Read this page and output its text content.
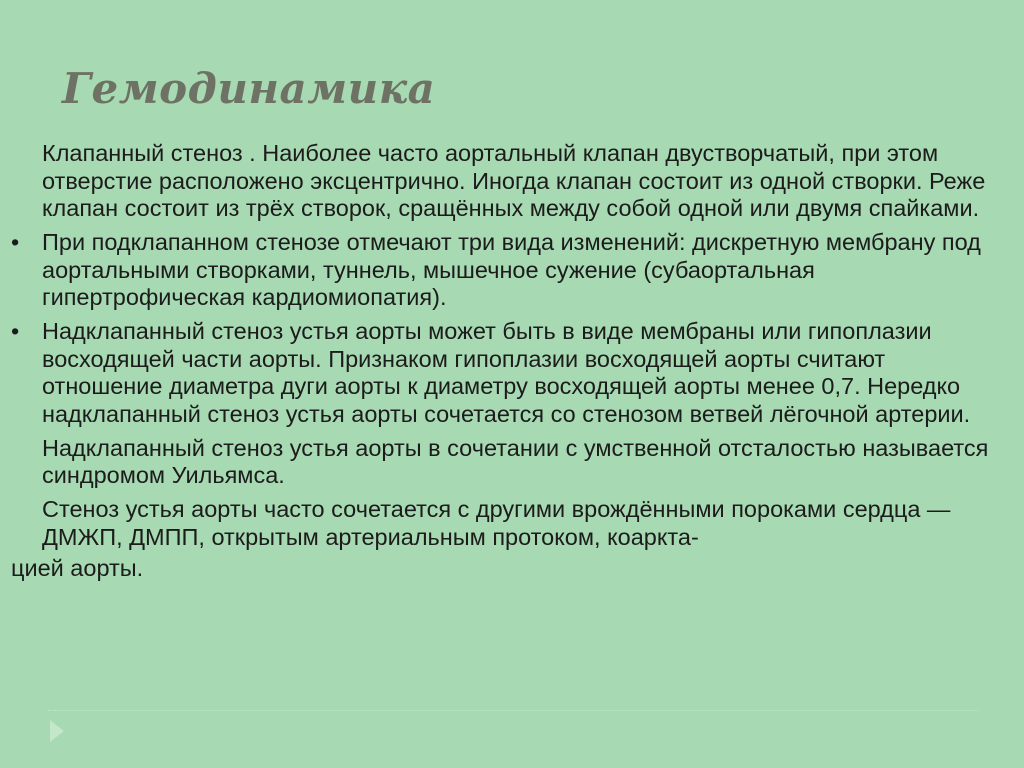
Гемодинамика

Клапанный стеноз . Наиболее часто аортальный клапан двустворчатый, при этом отверстие расположено эксцентрично. Иногда клапан состоит из одной створки. Реже клапан состоит из трёх створок, сращённых между собой одной или двумя спайками.

• При подклапанном стенозе отмечают три вида изменений: дискретную мембрану под аортальными створками, туннель, мышечное сужение (субаортальная гипертрофическая кардиомиопатия).

• Надклапанный стеноз устья аорты может быть в виде мембраны или гипоплазии восходящей части аорты. Признаком гипоплазии восходящей аорты считают отношение диаметра дуги аорты к диаметру восходящей аорты менее 0,7. Нередко надклапанный стеноз устья аорты сочетается со стенозом ветвей лёгочной артерии.

Надклапанный стеноз устья аорты в сочетании с умственной отсталостью называется синдромом Уильямса.

Стеноз устья аорты часто сочетается с другими врождёнными пороками сердца — ДМЖП, ДМПП, открытым артериальным протоком, коаркта-

цией аорты.
